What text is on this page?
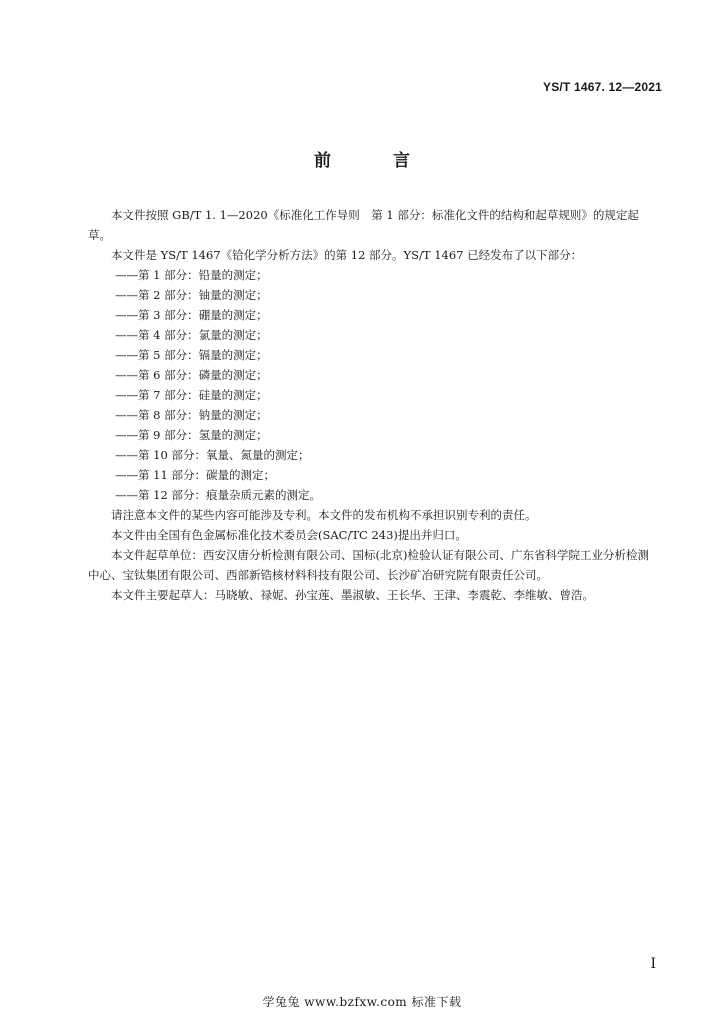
YS/T 1467. 12—2021
前 言

本文件按照 GB/T 1. 1—2020《标准化工作导则　第 1 部分：标准化文件的结构和起草规则》的规定起草。

本文件是 YS/T 1467《铪化学分析方法》的第 12 部分。YS/T 1467 已经发布了以下部分：

——第 1 部分：铅量的测定；
——第 2 部分：铀量的测定；
——第 3 部分：硼量的测定；
——第 4 部分：氯量的测定；
——第 5 部分：镉量的测定；
——第 6 部分：磷量的测定；
——第 7 部分：硅量的测定；
——第 8 部分：钠量的测定；
——第 9 部分：氢量的测定；
——第 10 部分：氧量、氮量的测定；
——第 11 部分：碳量的测定；
——第 12 部分：痕量杂质元素的测定。

请注意本文件的某些内容可能涉及专利。本文件的发布机构不承担识别专利的责任。

本文件由全国有色金属标准化技术委员会(SAC/TC 243)提出并归口。

本文件起草单位：西安汉唐分析检测有限公司、国标(北京)检验认证有限公司、广东省科学院工业分析检测中心、宝钛集团有限公司、西部新锆核材料科技有限公司、长沙矿冶研究院有限责任公司。

本文件主要起草人：马晓敏、禄妮、孙宝莲、墨淑敏、王长华、王津、李震乾、李维敏、曾浩。

I
学兔兔 www.bzfxw.com 标准下载
